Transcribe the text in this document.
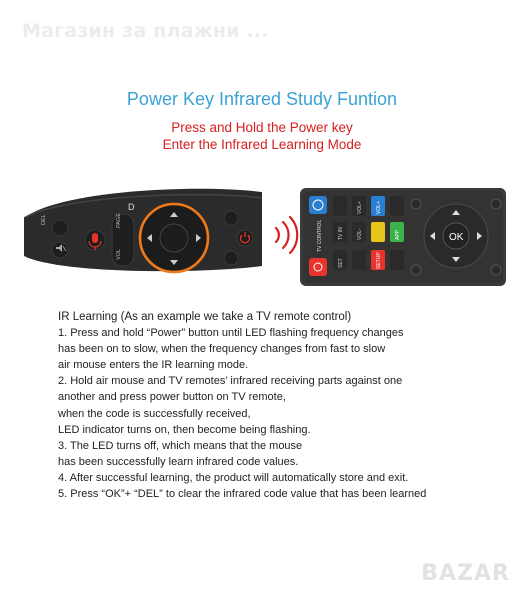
Магазин за плажни ...
Power Key Infrared Study Funtion
Press and Hold the Power key
Enter the Infrared Learning Mode
DEL	PAGE
VOL
D
TV CONTROL	TV IN
SET
VOL+
VOL-
VOL+
APP
SETUP
OK
IR Learning (As an example we take a TV remote control)
1. Press and hold “Power” button until LED flashing frequency changes
has been on to slow, when the frequency changes from fast to slow
air mouse enters the IR learning mode.
2. Hold air mouse and TV remotes’ infrared receiving parts against one
another and press power button on TV remote,
when the code is successfully received,
LED indicator turns on, then become being flashing.
3. The LED turns off, which means that the mouse
has been successfully learn infrared code values.
4. After successful learning, the product will automatically store and exit.
5. Press “OK”+ “DEL” to clear the infrared code value that has been learned
BAZAR
